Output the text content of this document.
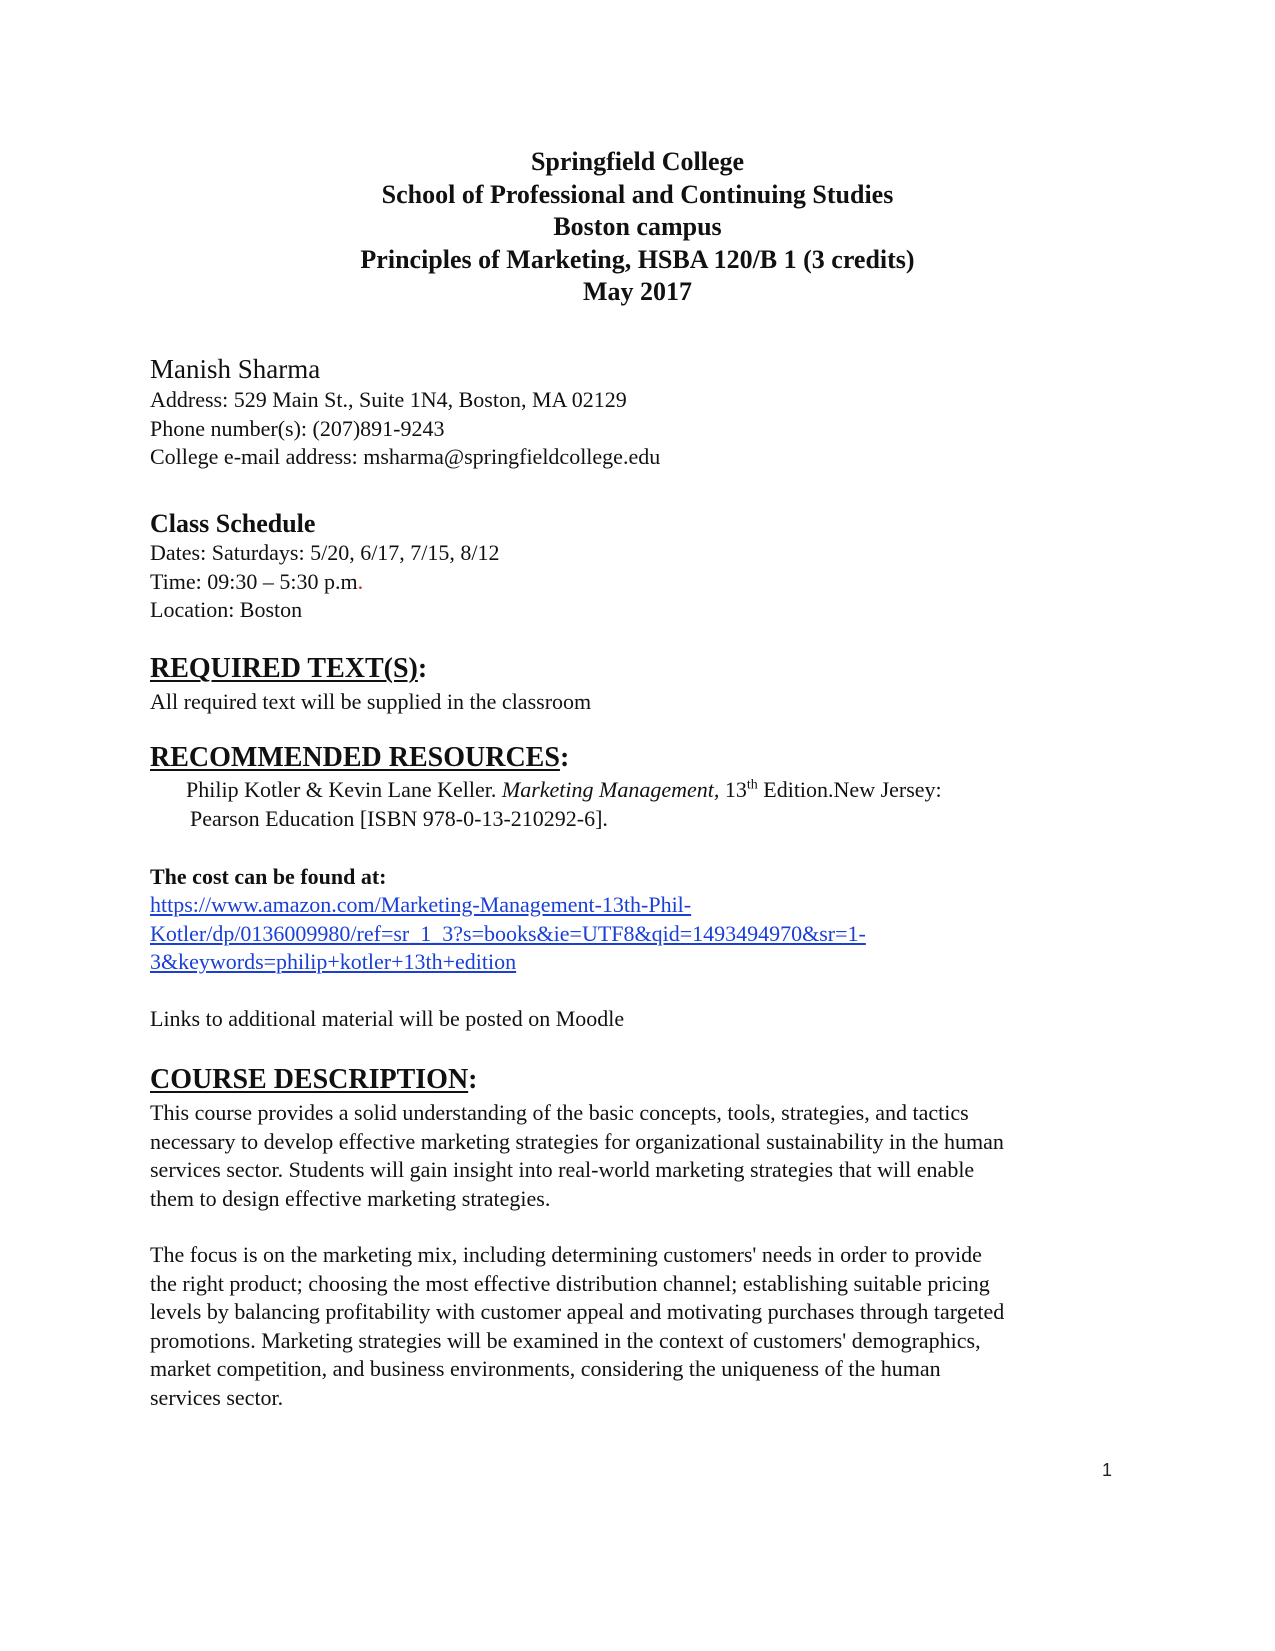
Springfield College
School of Professional and Continuing Studies
Boston campus
Principles of Marketing, HSBA 120/B 1 (3 credits)
May 2017
Manish Sharma
Address: 529 Main St., Suite 1N4, Boston, MA 02129
Phone number(s): (207)891-9243
College e-mail address: msharma@springfieldcollege.edu
Class Schedule
Dates: Saturdays: 5/20, 6/17, 7/15, 8/12
Time: 09:30 – 5:30 p.m.
Location: Boston
REQUIRED TEXT(S):
All required text will be supplied in the classroom
RECOMMENDED RESOURCES:
Philip Kotler & Kevin Lane Keller. Marketing Management, 13th Edition.New Jersey:
Pearson Education [ISBN 978-0-13-210292-6].
The cost can be found at:
https://www.amazon.com/Marketing-Management-13th-Phil-
Kotler/dp/0136009980/ref=sr_1_3?s=books&ie=UTF8&qid=1493494970&sr=1-
3&keywords=philip+kotler+13th+edition
Links to additional material will be posted on Moodle
COURSE DESCRIPTION:
This course provides a solid understanding of the basic concepts, tools, strategies, and tactics
necessary to develop effective marketing strategies for organizational sustainability in the human
services sector. Students will gain insight into real-world marketing strategies that will enable
them to design effective marketing strategies.
The focus is on the marketing mix, including determining customers' needs in order to provide
the right product; choosing the most effective distribution channel; establishing suitable pricing
levels by balancing profitability with customer appeal and motivating purchases through targeted
promotions. Marketing strategies will be examined in the context of customers' demographics,
market competition, and business environments, considering the uniqueness of the human
services sector.
1
